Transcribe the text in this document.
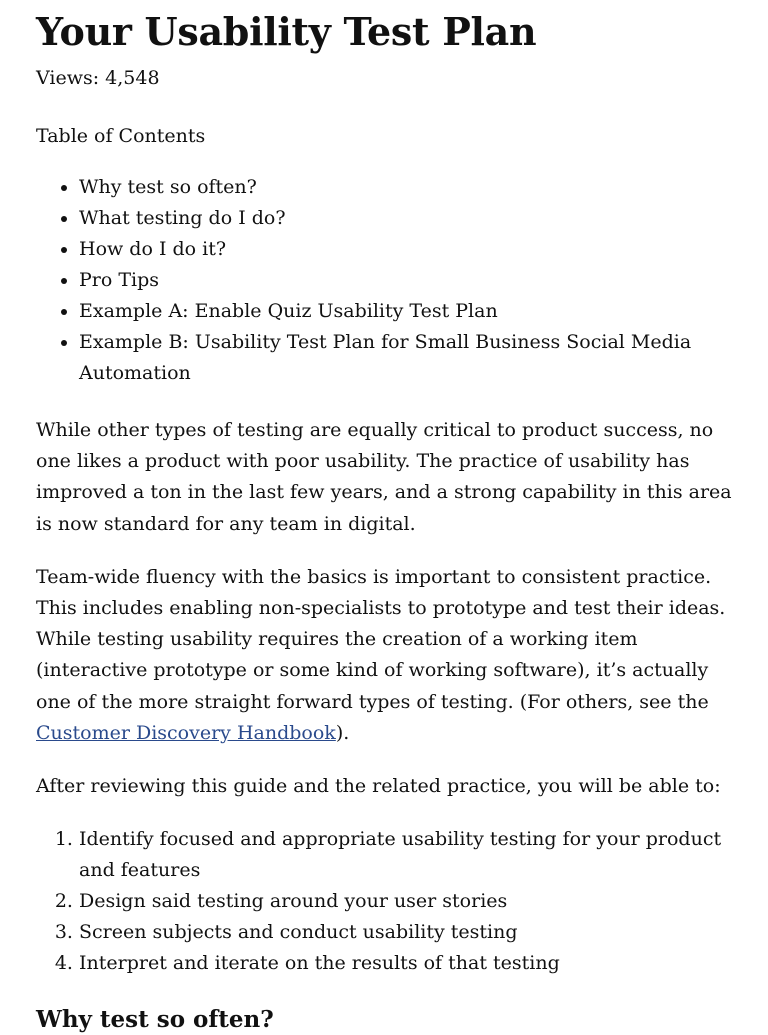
Your Usability Test Plan
Views: 4,548
Table of Contents
• Why test so often?
• What testing do I do?
• How do I do it?
• Pro Tips
• Example A: Enable Quiz Usability Test Plan
• Example B: Usability Test Plan for Small Business Social Media Automation

While other types of testing are equally critical to product success, no one likes a product with poor usability. The practice of usability has improved a ton in the last few years, and a strong capability in this area is now standard for any team in digital.

Team-wide fluency with the basics is important to consistent practice. This includes enabling non-specialists to prototype and test their ideas. While testing usability requires the creation of a working item (interactive prototype or some kind of working software), it’s actually one of the more straight forward types of testing. (For others, see the Customer Discovery Handbook).

After reviewing this guide and the related practice, you will be able to:

1. Identify focused and appropriate usability testing for your product and features
2. Design said testing around your user stories
3. Screen subjects and conduct usability testing
4. Interpret and iterate on the results of that testing
Why test so often?
